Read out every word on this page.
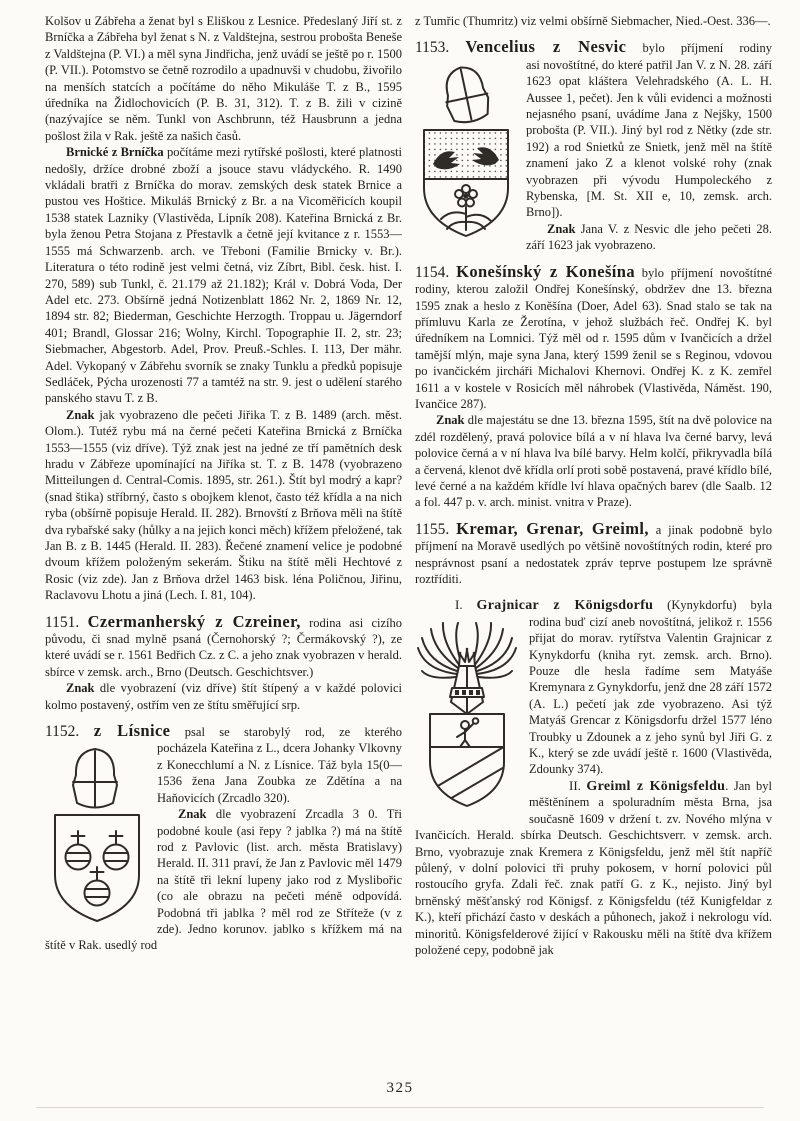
Kolšov u Zábřeha a ženat byl s Eliškou z Lesnice. Předeslaný Jiří st. z Brníčka a Zábřeha byl ženat s N. z Valdštejna, sestrou probošta Beneše z Valdštejna (P. VI.) a měl syna Jindřicha, jenž uvádí se ještě po r. 1500 (P. VII.). Potomstvo se četně rozrodilo a upadnuvši v chudobu, živořilo na menších statcích a počítáme do něho Mikuláše T. z B., 1595 úředníka na Židlochovicích (P. B. 31, 312). T. z B. žili v cizině (nazývajíce se něm. Tunkl von Aschbrunn, též Hausbrunn a jedna pošlost žila v Rak. ještě za našich časů.

Brnické z Brníčka počítáme mezi rytířské pošlosti, které platnosti nedošly, držíce drobné zboží a jsouce stavu vládyckého. R. 1490 vkládali bratři z Brníčka do morav. zemských desk statek Brnice a pustou ves Hoštice. Mikuláš Brnický z Br. a na Vicoměřicích koupil 1538 statek Lazniky (Vlastivěda, Lipník 208). Kateřina Brnická z Br. byla ženou Petra Stojana z Přestavlk a četně její kvitance z r. 1553—1555 má Schwarzenb. arch. ve Třeboni (Familie Brnicky v. Br.). Literatura o této rodině jest velmi četná, viz Zíbrt, Bibl. česk. hist. I. 270, 589) sub Tunkl, č. 21.179 až 21.182); Král v. Dobrá Voda, Der Adel etc. 273. Obšírně jedná Notizenblatt 1862 Nr. 2, 1869 Nr. 12, 1894 str. 82; Biederman, Geschichte Herzogth. Troppau u. Jägerndorf 401; Brandl, Glossar 216; Wolny, Kirchl. Topographie II. 2, str. 23; Siebmacher, Abgestorb. Adel, Prov. Preuß.-Schles. I. 113, Der mähr. Adel. Vykopaný v Zábřehu svorník se znaky Tunklu a předků popisuje Sedláček, Pýcha urozenosti 77 a tamtéž na str. 9. jest o udělení starého panského stavu T. z B.

Znak jak vyobrazeno dle pečeti Jiřika T. z B. 1489 (arch. měst. Olom.). Tutéž rybu má na černé pečeti Kateřina Brnická z Brníčka 1553—1555 (viz dříve). Týž znak jest na jedné ze tří pamětních desk hradu v Zábřeze upomínající na Jiříka st. T. z B. 1478 (vyobrazeno Mitteilungen d. Central-Comis. 1895, str. 261.). Štít byl modrý a kapr? (snad štika) stříbrný, často s obojkem klenot, často též křídla a na nich ryba (obšírně popisuje Herald. II. 282). Brnovští z Brňova měli na štítě dva rybařské saky (hůlky a na jejich konci měch) křížem přeložené, tak Jan B. z B. 1445 (Herald. II. 283). Řečené znamení velice je podobné dvoum křížem položeným sekerám. Štiku na štítě měli Hechtové z Rosic (viz zde). Jan z Brňova držel 1463 bisk. léna Poličnou, Jiřinu, Raclavovu Lhotu a jiná (Lech. I. 81, 104).

1151. Czermanherský z Czreiner, rodina asi cizího původu, či snad mylně psaná (Černohorský ?; Čermákovský ?), ze které uvádí se r. 1561 Bedřich Cz. z C. a jeho znak vyobrazen v herald. sbírce v zemsk. arch., Brno (Deutsch. Geschichtsver.)

Znak dle vyobrazení (viz dříve) štít štípený a v každé polovici kolmo postavený, ostřím ven ze štítu směřující srp.

1152. z Lísnice psal se starobylý rod, ze kterého

pocházela Kateřina z L., dcera Johanky Vlkovny z Konecchlumí a N. z Lísnice. Táž byla 15(0—1536 žena Jana Zoubka ze Zdětína a na Haňovicích (Zrcadlo 320).

Znak dle vyobrazení Zrcadla 3 0. Tři podobné koule (asi řepy ? jablka ?) má na štítě rod z Pavlovic (list. arch. města Bratislavy) Herald. II. 311 praví, že Jan z Pavlovic měl 1479 na štítě tři lekní lupeny jako rod z Myslibořic (co ale obrazu na pečeti méně odpovídá. Podobná tři jablka ? měl rod ze Stříteže (v z zde). Jedno korunov. jablko s křížkem má na štítě v Rak. usedlý rod

z Tumřic (Thumritz) viz velmi obšírně Siebmacher, Nied.-Oest. 336—.

1153. Vencelius z Nesvic bylo příjmení rodiny

asi novoštítné, do které patřil Jan V. z N. 28. září 1623 opat kláštera Velehradského (A. L. H. Aussee 1, pečet). Jen k vůli evidenci a možnosti nejasného psaní, uvádíme Jana z Nejšky, 1500 probošta (P. VII.). Jiný byl rod z Nětky (zde str. 192) a rod Snietků ze Snietk, jenž měl na štítě znamení jako Z a klenot volské rohy (znak vyobrazen při vývodu Humpoleckého z Rybenska, [M. St. XII e, 10, zemsk. arch. Brno]).

Znak Jana V. z Nesvic dle jeho pečeti 28. září 1623 jak vyobrazeno.

1154. Konešínský z Konešína bylo příjmení novoštítné rodiny, kterou založil Ondřej Konešínský, obdržev dne 13. března 1595 znak a heslo z Koněšína (Doer, Adel 63). Snad stalo se tak na přímluvu Karla ze Žerotína, v jehož službách řeč. Ondřej K. byl úředníkem na Lomnici. Týž měl od r. 1595 dům v Ivančicích a držel tamější mlýn, maje syna Jana, který 1599 ženil se s Reginou, vdovou po ivančickém jircháři Michalovi Khernovi. Ondřej K. z K. zemřel 1611 a v kostele v Rosicích měl náhrobek (Vlastivěda, Náměst. 190, Ivančice 287).

Znak dle majestátu se dne 13. března 1595, štít na dvě polovice na zdél rozdělený, pravá polovice bílá a v ní hlava lva černé barvy, levá polovice černá a v ní hlava lva bílé barvy. Helm kolčí, přikryvadla bílá a červená, klenot dvě křídla orlí proti sobě postavená, pravé křídlo bílé, levé černé a na každém křídle lví hlava opačných barev (dle Saalb. 12 a fol. 447 p. v. arch. minist. vnitra v Praze).

1155. Kremar, Grenar, Greiml, a jinak podobně bylo příjmení na Moravě usedlých po většině novoštítných rodin, které pro nesprávnost psaní a nedostatek zpráv teprve postupem lze správně roztříditi.

I. Grajnicar z Königsdorfu (Kynykdorfu) byla

rodina buď cizí aneb novoštítná, jelikož r. 1556 přijat do morav. rytířstva Valentin Grajnicar z Kynykdorfu (kniha ryt. zemsk. arch. Brno). Pouze dle hesla řadíme sem Matyáše Kremynara z Gynykdorfu, jenž dne 28 září 1572 (A. L.) pečetí jak zde vyobrazeno. Asi týž Matyáš Grencar z Königsdorfu držel 1577 léno Troubky u Zdounek a z jeho synů byl Jiři G. z K., který se zde uvádí ještě r. 1600 (Vlastivěda, Zdounky 374).

II. Greiml z Königsfeldu. Jan byl měštěnínem a spoluradním města Brna, jsa současně 1609 v držení t. zv. Nového mlýna v Ivančicích. Herald. sbírka Deutsch. Geschichtsverr. v zemsk. arch. Brno, vyobrazuje znak Kremera z Königsfeldu, jenž měl štít napříč půlený, v dolní polovici tři pruhy pokosem, v horní polovici půl rostoucího gryfa. Zdali řeč. znak patří G. z K., nejisto. Jiný byl brněnský měšťanský rod Königsf. z Königsfeldu (též Kunigfeldar z K.), kteří přichází často v deskách a půhonech, jakož i nekrologu víd. minoritů. Königsfelderové žijící v Rakousku měli na štítě dva křížem položené cepy, podobně jak

325
